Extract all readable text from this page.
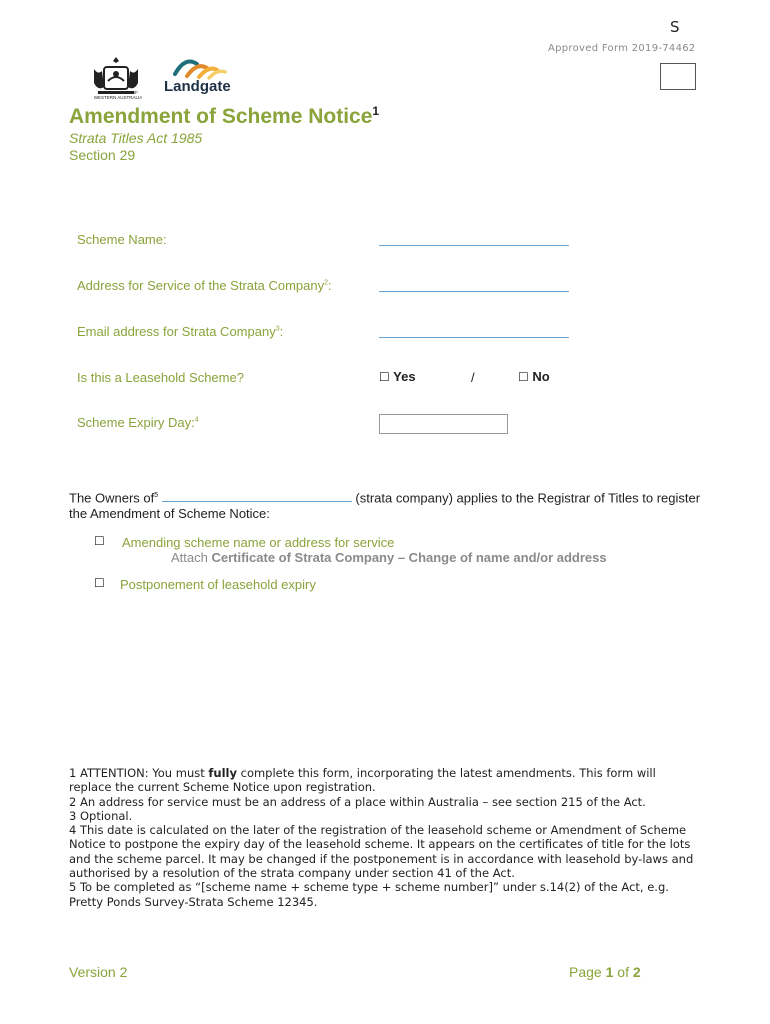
S
Approved Form 2019-74462
GOVERNMENT OF WESTERN AUSTRALIA
Landgate
Amendment of Scheme Notice$^1$
Strata Titles Act 1985
Section 29
Scheme Name:
Address for Service of the Strata Company$^2$:
Email address for Strata Company$^3$:
Is this a Leasehold Scheme?	☐ Yes	/	☐ No
Scheme Expiry Day:$^4$
The Owners $of^5$	(strata company) applies to the Registrar of Titles to register the Amendment of Scheme Notice:
☐ Amending scheme name or address for service
Attach Certificate of Strata Company – Change of name and/or address
☐ Postponement of leasehold expiry

1 ATTENTION: You must fully complete this form, incorporating the latest amendments. This form will replace the current Scheme Notice upon registration.

2 An address for service must be an address of a place within Australia – see section 215 of the Act.

3 Optional.

4 This date is calculated on the later of the registration of the leasehold scheme or Amendment of Scheme Notice to postpone the expiry day of the leasehold scheme. It appears on the certificates of title for the lots and the scheme parcel. It may be changed if the postponement is in accordance with leasehold by-laws and authorised by a resolution of the strata company under section 41 of the Act.

5 To be completed as “[scheme name + scheme type + scheme number]” under s.14(2) of the Act, e.g. Pretty Ponds Survey-Strata Scheme 12345.

Version 2	Page 1 of 2
